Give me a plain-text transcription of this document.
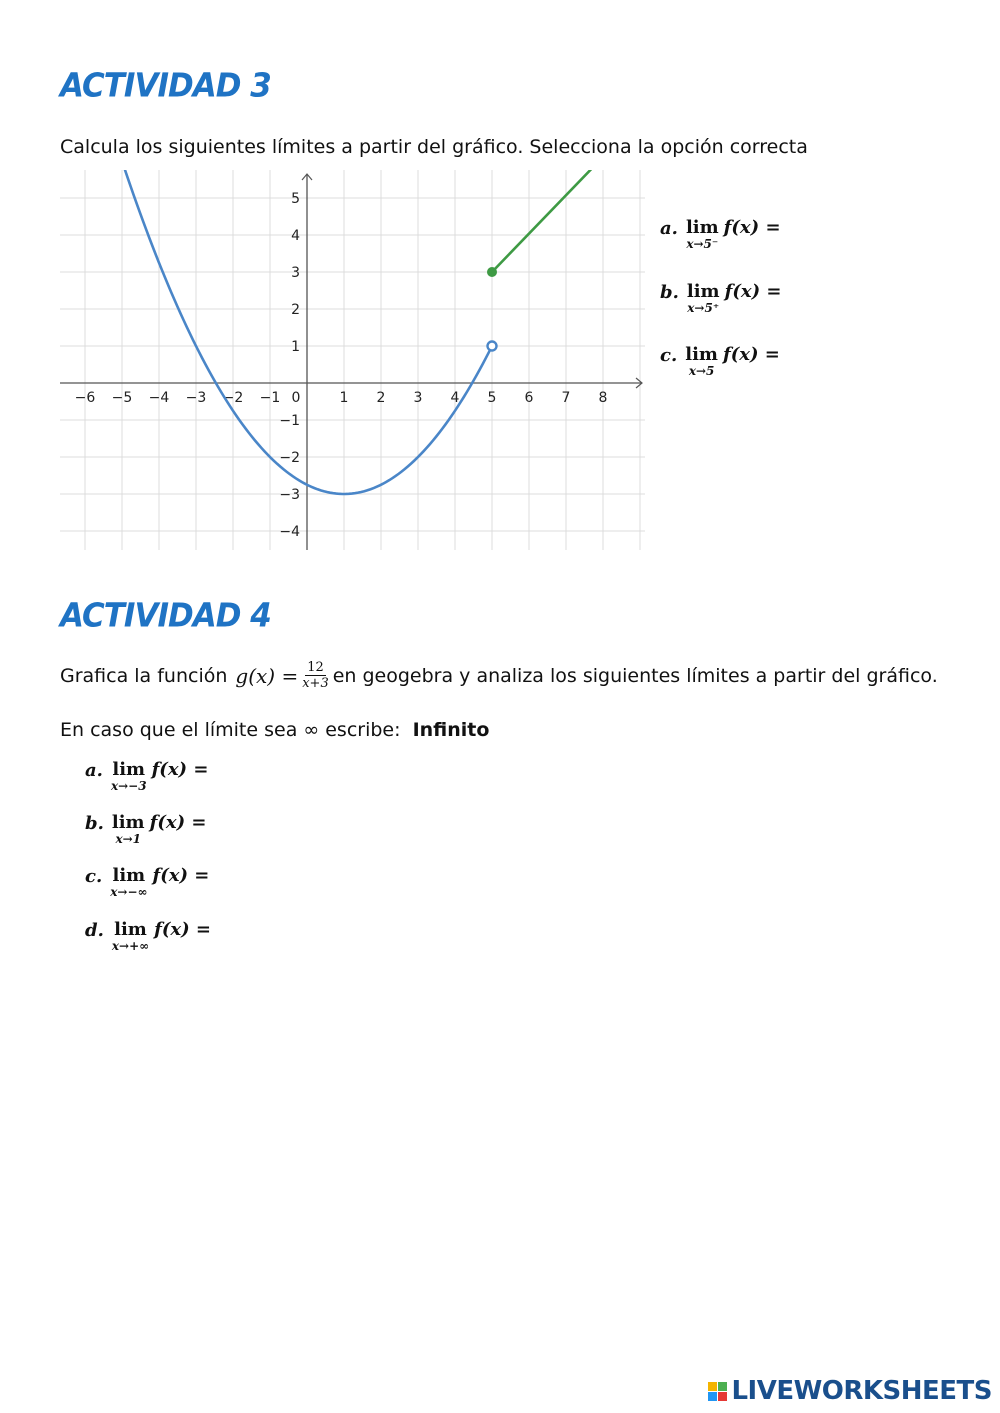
ACTIVIDAD 3
Calcula los siguientes límites a partir del gráfico. Selecciona la opción correcta
−6 −5 −4 −3 −2 −1 0	1 2 3 4 5 6 7 8
−4
−3
−2
−1
1
2
3
4
5
a. lim
x→5⁻
f(x) =
b. lim
x→5⁺
f(x) =
c. lim
x→5
f(x) =
ACTIVIDAD 4
Grafica la función $g(x) = \frac{12}{x+3}$ en geogebra y analiza los siguientes límites a partir del gráfico.
En caso que el límite sea ∞ escribe: Infinito
a. lim
x→−3
f(x) =
b. lim
x→1
f(x) =
c. lim
x→−∞
f(x) =
d. lim
x→+∞
f(x) =
LIVEWORKSHEETS
